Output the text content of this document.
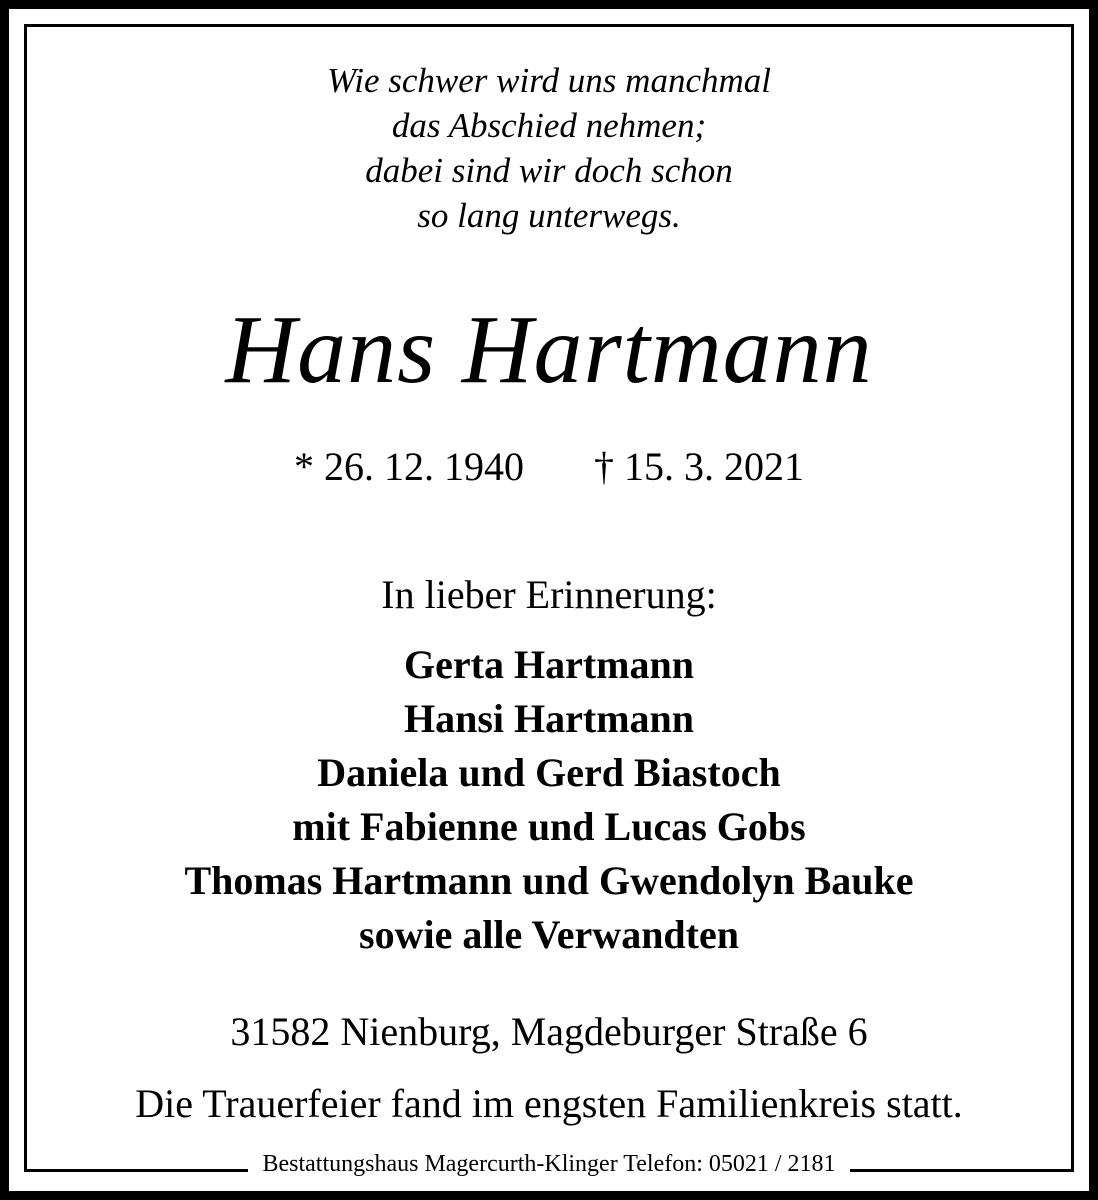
Wie schwer wird uns manchmal
das Abschied nehmen;
dabei sind wir doch schon
so lang unterwegs.
Hans Hartmann
* 26. 12. 1940 † 15. 3. 2021
In lieber Erinnerung:
Gerta Hartmann
Hansi Hartmann
Daniela und Gerd Biastoch
mit Fabienne und Lucas Gobs
Thomas Hartmann und Gwendolyn Bauke
sowie alle Verwandten
31582 Nienburg, Magdeburger Straße 6
Die Trauerfeier fand im engsten Familienkreis statt.
Bestattungshaus Magercurth-Klinger Telefon: 05021 / 2181
